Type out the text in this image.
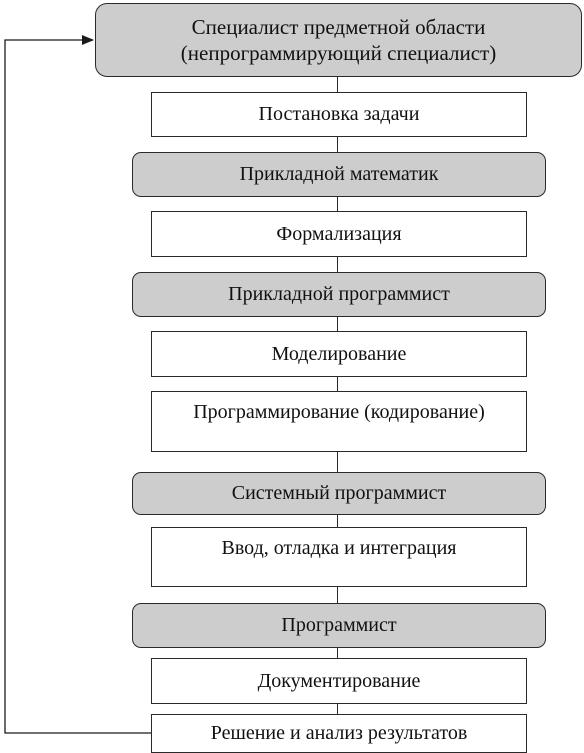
Специалист предметной области
(непрограммирующий специалист)
Постановка задачи
Прикладной математик
Формализация
Прикладной программист
Моделирование
Программирование (кодирование)
Системный программист
Ввод, отладка и интеграция
Программист
Документирование
Решение и анализ результатов
